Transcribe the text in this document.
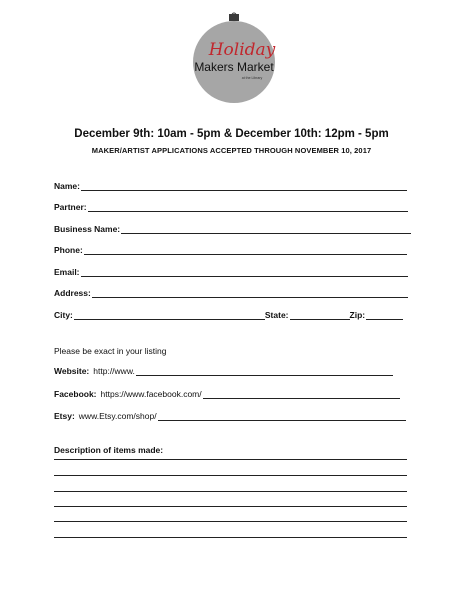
Holiday
Makers Market
at the Library
December 9th: 10am - 5pm & December 10th: 12pm - 5pm
MAKER/ARTIST APPLICATIONS ACCEPTED THROUGH NOVEMBER 10, 2017
Name:
Partner:
Business Name:
Phone:
Email:
Address:
City:	State:	Zip:
Please be exact in your listing
Website: http://www.
Facebook: https://www.facebook.com/
Etsy: www.Etsy.com/shop/
Description of items made:
